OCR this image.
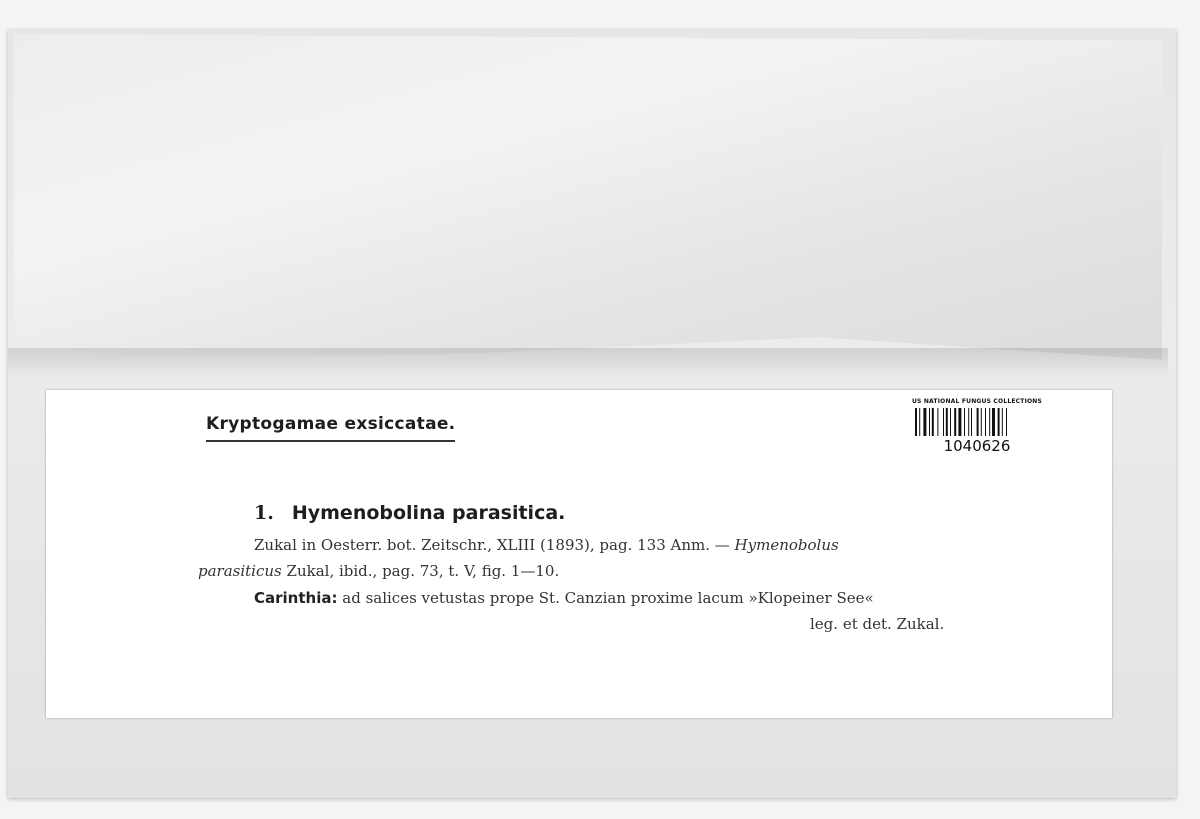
Kryptogamae exsiccatae.
US NATIONAL FUNGUS COLLECTIONS
1040626
1. Hymenobolina parasitica.
Zukal in Oesterr. bot. Zeitschr., XLIII (1893), pag. 133 Anm. — Hymenobolus
parasiticus Zukal, ibid., pag. 73, t. V, fig. 1—10.
Carinthia: ad salices vetustas prope St. Canzian proxime lacum »Klopeiner See«
leg. et det. Zukal.
